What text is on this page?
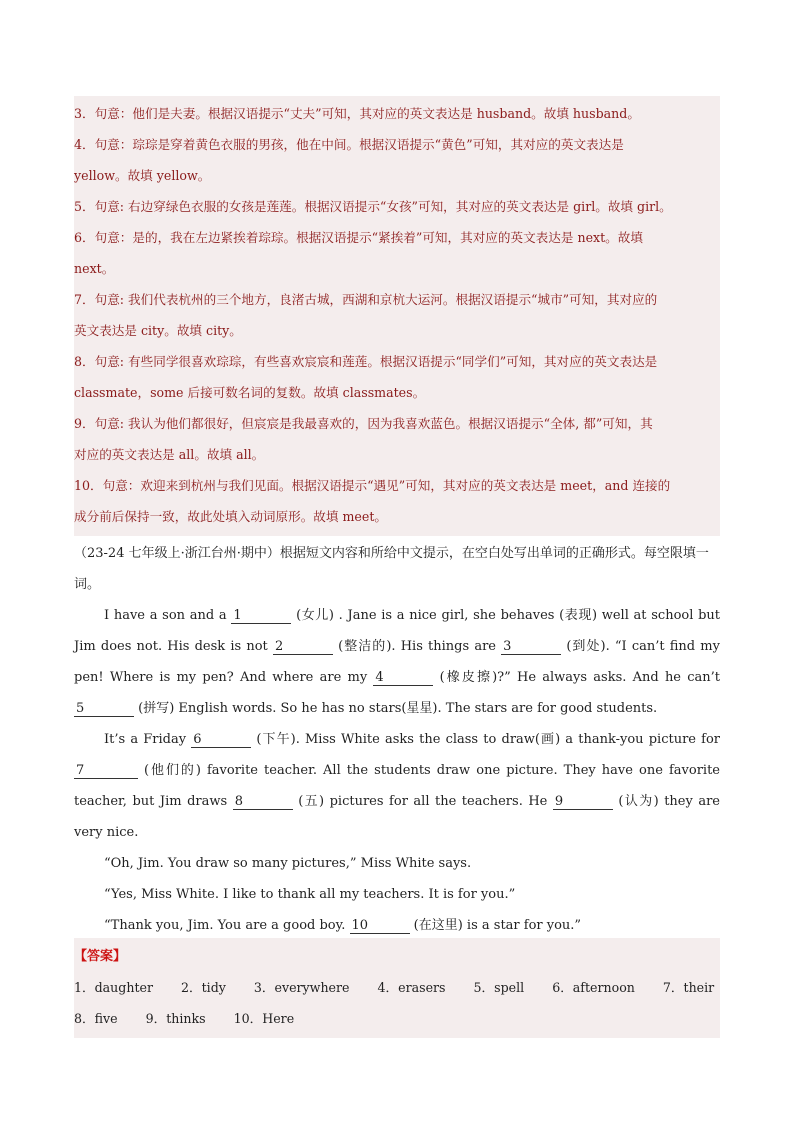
3．句意：他们是夫妻。根据汉语提示“丈夫”可知，其对应的英文表达是 husband。故填 husband。
4．句意：琮琮是穿着黄色衣服的男孩，他在中间。根据汉语提示“黄色”可知，其对应的英文表达是
yellow。故填 yellow。
5．句意: 右边穿绿色衣服的女孩是莲莲。根据汉语提示“女孩”可知，其对应的英文表达是 girl。故填 girl。
6．句意：是的，我在左边紧挨着琮琮。根据汉语提示“紧挨着”可知，其对应的英文表达是 next。故填
next。
7．句意: 我们代表杭州的三个地方，良渚古城，西湖和京杭大运河。根据汉语提示“城市”可知，其对应的
英文表达是 city。故填 city。
8．句意: 有些同学很喜欢琮琮，有些喜欢宸宸和莲莲。根据汉语提示“同学们”可知，其对应的英文表达是
classmate，some 后接可数名词的复数。故填 classmates。
9．句意: 我认为他们都很好，但宸宸是我最喜欢的，因为我喜欢蓝色。根据汉语提示“全体, 都”可知，其
对应的英文表达是 all。故填 all。
10．句意：欢迎来到杭州与我们见面。根据汉语提示“遇见”可知，其对应的英文表达是 meet，and 连接的
成分前后保持一致，故此处填入动词原形。故填 meet。
（23-24 七年级上·浙江台州·期中）根据短文内容和所给中文提示，在空白处写出单词的正确形式。每空限填一词。
I have a son and a 1	(女儿) . Jane is a nice girl, she behaves (表现) well at school but Jim does not. His desk is not 2	(整洁的). His things are 3	(到处). “I can’t find my pen! Where is my pen? And where are my 4	(橡皮擦)?” He always asks. And he can’t 5	(拼写) English words. So he has no stars(星星). The stars are for good students.
It’s a Friday 6	(下午). Miss White asks the class to draw(画) a thank-you picture for 7	(他们的) favorite teacher. All the students draw one picture. They have one favorite teacher, but Jim draws 8	(五) pictures for all the teachers. He 9	(认为) they are very nice.
“Oh, Jim. You draw so many pictures,” Miss White says.
“Yes, Miss White. I like to thank all my teachers. It is for you.”
“Thank you, Jim. You are a good boy. 10	(在这里) is a star for you.”
【答案】
1．daughter 2．tidy 3．everywhere 4．erasers 5．spell 6．afternoon 7．their
8．five 9．thinks 10．Here
